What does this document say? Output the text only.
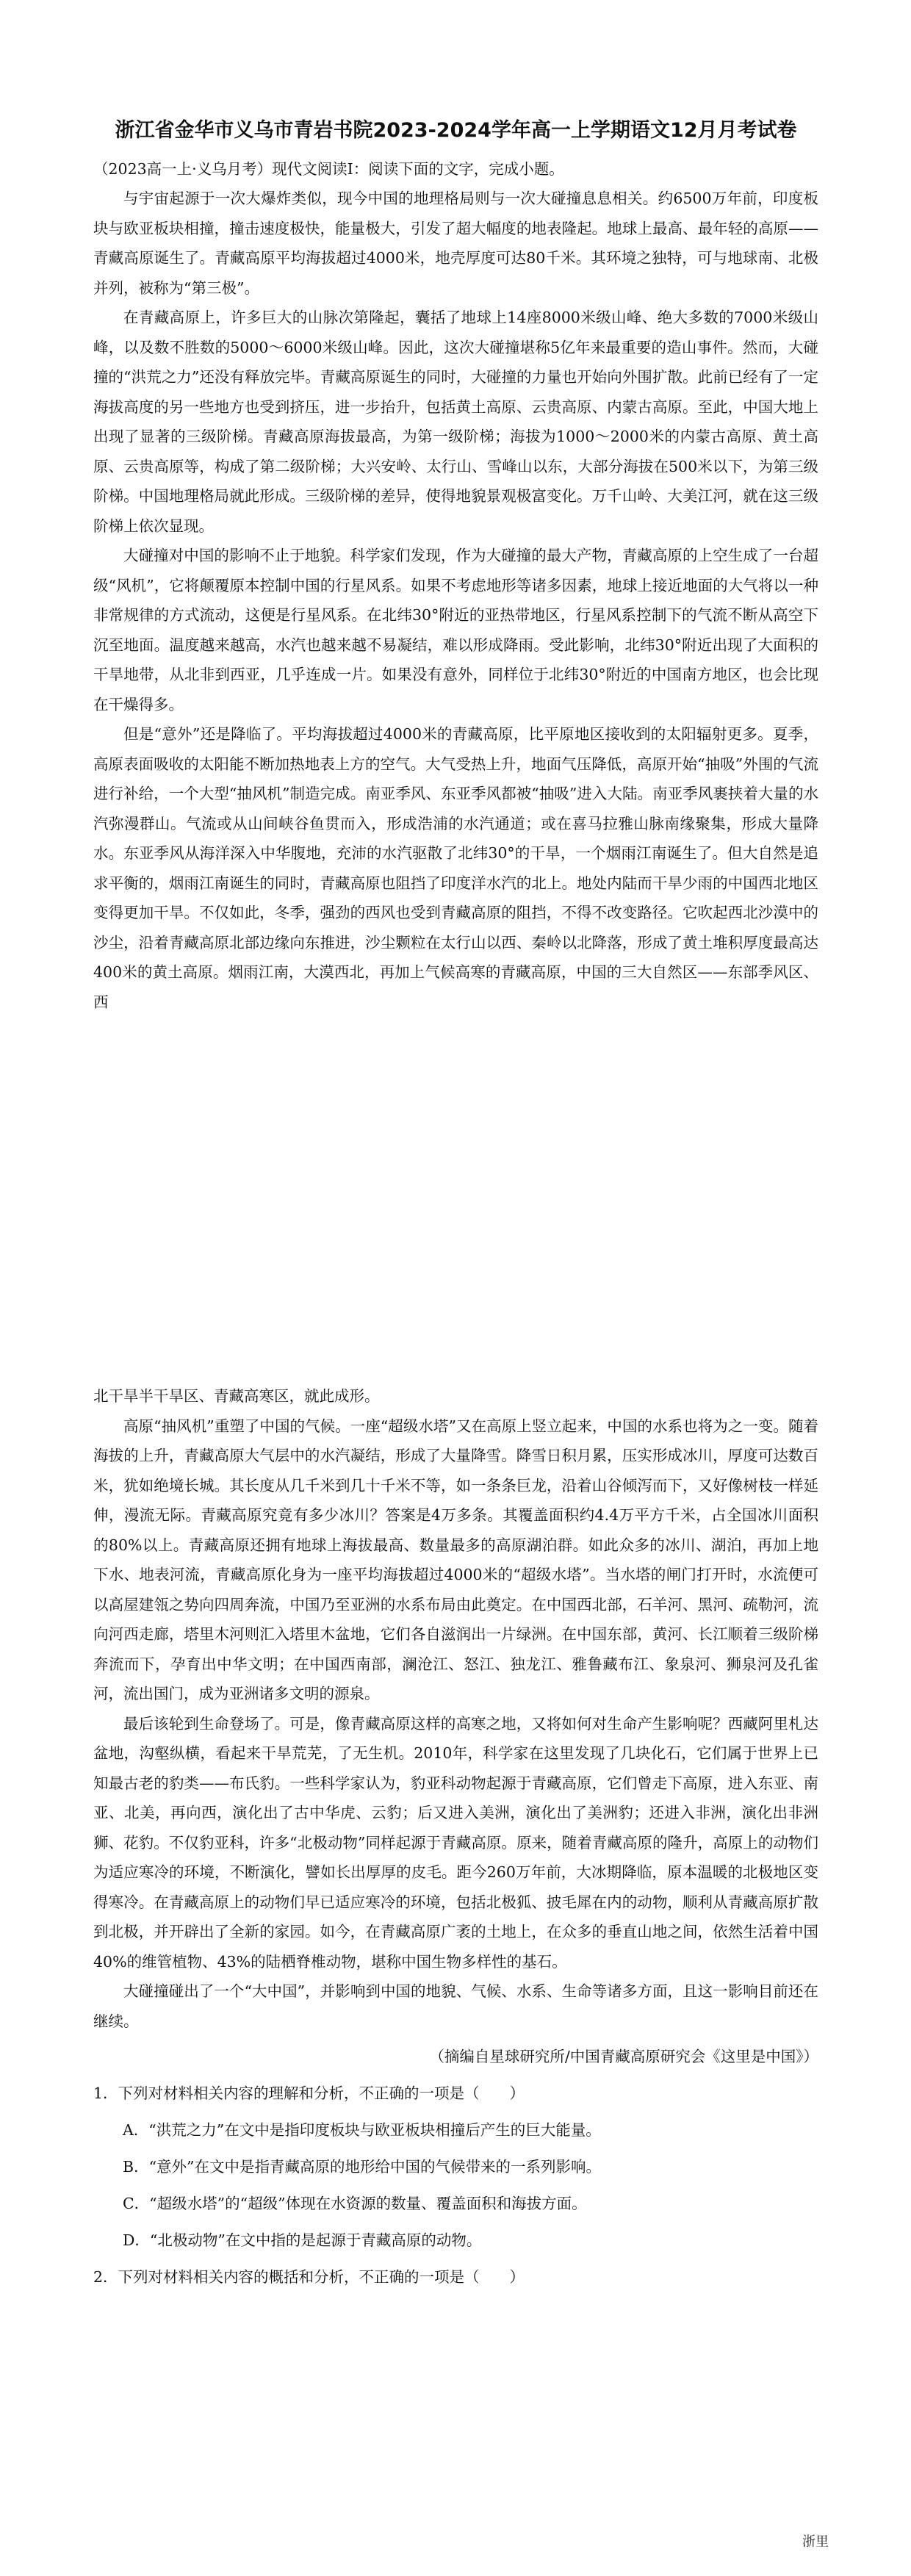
浙江省金华市义乌市青岩书院2023-2024学年高一上学期语文12月月考试卷

（2023高一上·义乌月考）现代文阅读Ⅰ：阅读下面的文字，完成小题。

与宇宙起源于一次大爆炸类似，现今中国的地理格局则与一次大碰撞息息相关。约6500万年前，印度板块与欧亚板块相撞，撞击速度极快，能量极大，引发了超大幅度的地表隆起。地球上最高、最年轻的高原——青藏高原诞生了。青藏高原平均海拔超过4000米，地壳厚度可达80千米。其环境之独特，可与地球南、北极并列，被称为“第三极”。

在青藏高原上，许多巨大的山脉次第隆起，囊括了地球上14座8000米级山峰、绝大多数的7000米级山峰，以及数不胜数的5000～6000米级山峰。因此，这次大碰撞堪称5亿年来最重要的造山事件。然而，大碰撞的“洪荒之力”还没有释放完毕。青藏高原诞生的同时，大碰撞的力量也开始向外围扩散。此前已经有了一定海拔高度的另一些地方也受到挤压，进一步抬升，包括黄土高原、云贵高原、内蒙古高原。至此，中国大地上出现了显著的三级阶梯。青藏高原海拔最高，为第一级阶梯；海拔为1000～2000米的内蒙古高原、黄土高原、云贵高原等，构成了第二级阶梯；大兴安岭、太行山、雪峰山以东，大部分海拔在500米以下，为第三级阶梯。中国地理格局就此形成。三级阶梯的差异，使得地貌景观极富变化。万千山岭、大美江河，就在这三级阶梯上依次显现。

大碰撞对中国的影响不止于地貌。科学家们发现，作为大碰撞的最大产物，青藏高原的上空生成了一台超级“风机”，它将颠覆原本控制中国的行星风系。如果不考虑地形等诸多因素，地球上接近地面的大气将以一种非常规律的方式流动，这便是行星风系。在北纬30°附近的亚热带地区，行星风系控制下的气流不断从高空下沉至地面。温度越来越高，水汽也越来越不易凝结，难以形成降雨。受此影响，北纬30°附近出现了大面积的干旱地带，从北非到西亚，几乎连成一片。如果没有意外，同样位于北纬30°附近的中国南方地区，也会比现在干燥得多。

但是“意外”还是降临了。平均海拔超过4000米的青藏高原，比平原地区接收到的太阳辐射更多。夏季，高原表面吸收的太阳能不断加热地表上方的空气。大气受热上升，地面气压降低，高原开始“抽吸”外围的气流进行补给，一个大型“抽风机”制造完成。南亚季风、东亚季风都被“抽吸”进入大陆。南亚季风裹挟着大量的水汽弥漫群山。气流或从山间峡谷鱼贯而入，形成浩浦的水汽通道；或在喜马拉雅山脉南缘聚集，形成大量降水。东亚季风从海洋深入中华腹地，充沛的水汽驱散了北纬30°的干旱，一个烟雨江南诞生了。但大自然是追求平衡的，烟雨江南诞生的同时，青藏高原也阻挡了印度洋水汽的北上。地处内陆而干旱少雨的中国西北地区变得更加干旱。不仅如此，冬季，强劲的西风也受到青藏高原的阻挡，不得不改变路径。它吹起西北沙漠中的沙尘，沿着青藏高原北部边缘向东推进，沙尘颗粒在太行山以西、秦岭以北降落，形成了黄土堆积厚度最高达400米的黄土高原。烟雨江南，大漠西北，再加上气候高寒的青藏高原，中国的三大自然区——东部季风区、西

北干旱半干旱区、青藏高寒区，就此成形。

高原“抽风机”重塑了中国的气候。一座“超级水塔”又在高原上竖立起来，中国的水系也将为之一变。随着海拔的上升，青藏高原大气层中的水汽凝结，形成了大量降雪。降雪日积月累，压实形成冰川，厚度可达数百米，犹如绝境长城。其长度从几千米到几十千米不等，如一条条巨龙，沿着山谷倾泻而下，又好像树枝一样延伸，漫流无际。青藏高原究竟有多少冰川？答案是4万多条。其覆盖面积约4.4万平方千米，占全国冰川面积的80%以上。青藏高原还拥有地球上海拔最高、数量最多的高原湖泊群。如此众多的冰川、湖泊，再加上地下水、地表河流，青藏高原化身为一座平均海拔超过4000米的“超级水塔”。当水塔的闸门打开时，水流便可以高屋建瓴之势向四周奔流，中国乃至亚洲的水系布局由此奠定。在中国西北部，石羊河、黑河、疏勒河，流向河西走廊，塔里木河则汇入塔里木盆地，它们各自滋润出一片绿洲。在中国东部，黄河、长江顺着三级阶梯奔流而下，孕育出中华文明；在中国西南部，澜沧江、怒江、独龙江、雅鲁藏布江、象泉河、狮泉河及孔雀河，流出国门，成为亚洲诸多文明的源泉。

最后该轮到生命登场了。可是，像青藏高原这样的高寒之地，又将如何对生命产生影响呢？西藏阿里札达盆地，沟壑纵横，看起来干旱荒芜，了无生机。2010年，科学家在这里发现了几块化石，它们属于世界上已知最古老的豹类——布氏豹。一些科学家认为，豹亚科动物起源于青藏高原，它们曾走下高原，进入东亚、南亚、北美，再向西，演化出了古中华虎、云豹；后又进入美洲，演化出了美洲豹；还进入非洲，演化出非洲狮、花豹。不仅豹亚科，许多“北极动物”同样起源于青藏高原。原来，随着青藏高原的隆升，高原上的动物们为适应寒冷的环境，不断演化，譬如长出厚厚的皮毛。距今260万年前，大冰期降临，原本温暖的北极地区变得寒冷。在青藏高原上的动物们早已适应寒冷的环境，包括北极狐、披毛犀在内的动物，顺利从青藏高原扩散到北极，并开辟出了全新的家园。如今，在青藏高原广袤的土地上，在众多的垂直山地之间，依然生活着中国40%的维管植物、43%的陆栖脊椎动物，堪称中国生物多样性的基石。

大碰撞碰出了一个“大中国”，并影响到中国的地貌、气候、水系、生命等诸多方面，且这一影响目前还在继续。

（摘编自星球研究所/中国青藏高原研究会《这里是中国》）

1．下列对材料相关内容的理解和分析，不正确的一项是（　　）

A．“洪荒之力”在文中是指印度板块与欧亚板块相撞后产生的巨大能量。

B．“意外”在文中是指青藏高原的地形给中国的气候带来的一系列影响。

C．“超级水塔”的“超级”体现在水资源的数量、覆盖面积和海拔方面。

D．“北极动物”在文中指的是起源于青藏高原的动物。

2．下列对材料相关内容的概括和分析，不正确的一项是（　　）

浙里
